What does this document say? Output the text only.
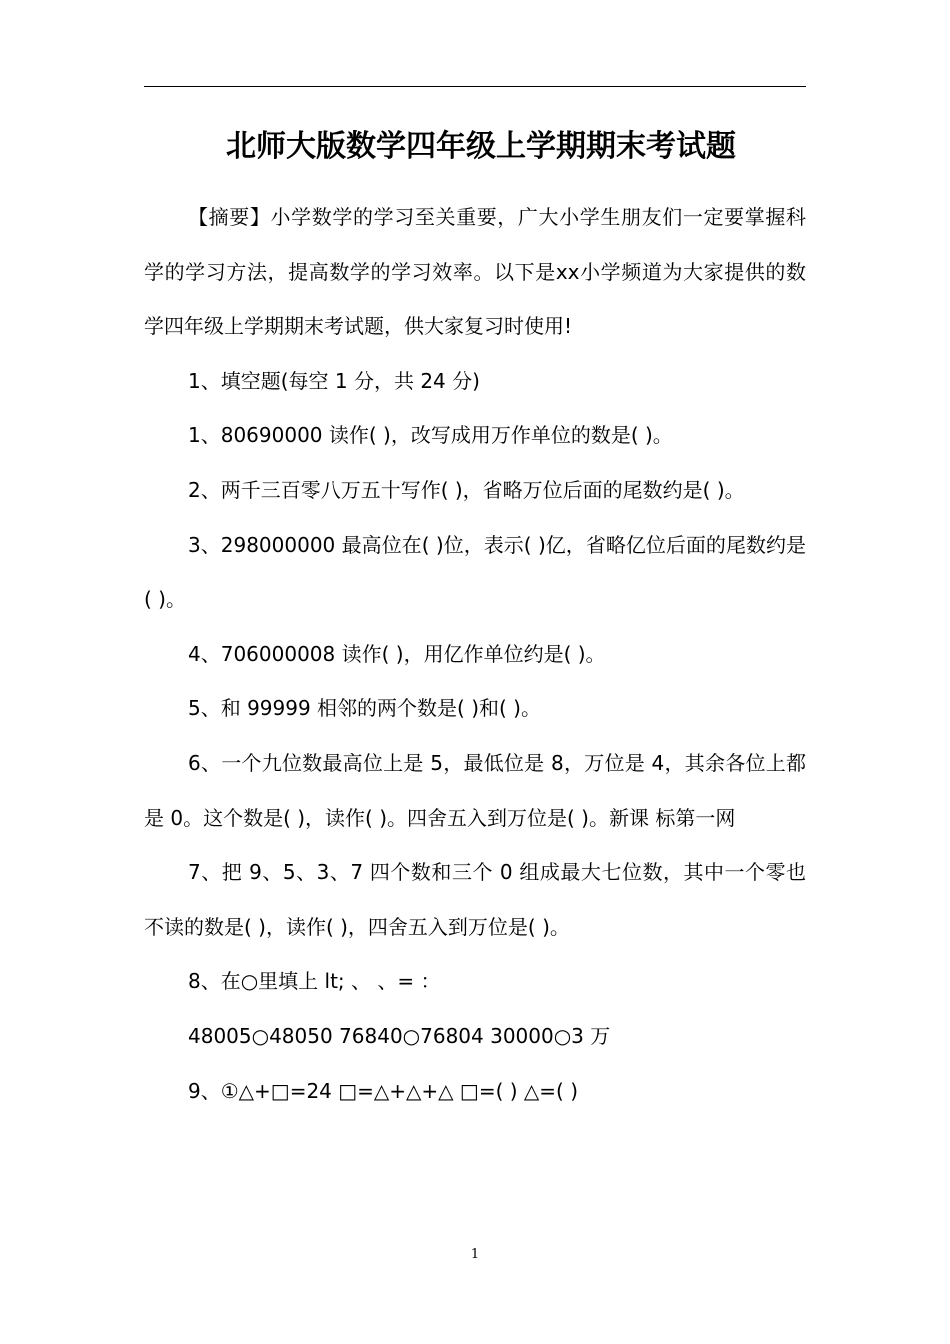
北师大版数学四年级上学期期末考试题

【摘要】小学数学的学习至关重要，广大小学生朋友们一定要掌握科学的学习方法，提高数学的学习效率。以下是xx小学频道为大家提供的数学四年级上学期期末考试题，供大家复习时使用!

1、填空题(每空 1 分，共 24 分)

1、80690000 读作( )，改写成用万作单位的数是( )。

2、两千三百零八万五十写作( )，省略万位后面的尾数约是( )。

3、298000000 最高位在( )位，表示( )亿，省略亿位后面的尾数约是( )。

4、706000008 读作( )，用亿作单位约是( )。

5、和 99999 相邻的两个数是( )和( )。

6、一个九位数最高位上是 5，最低位是 8，万位是 4，其余各位上都是 0。这个数是( )，读作( )。四舍五入到万位是( )。新课 标第一网

7、把 9、5、3、7 四个数和三个 0 组成最大七位数，其中一个零也不读的数是( )，读作( )，四舍五入到万位是( )。

8、在○里填上 lt; 、 、= ：

48005○48050 76840○76804 30000○3 万

9、①△+□=24 □=△+△+△ □=( ) △=( )

1
